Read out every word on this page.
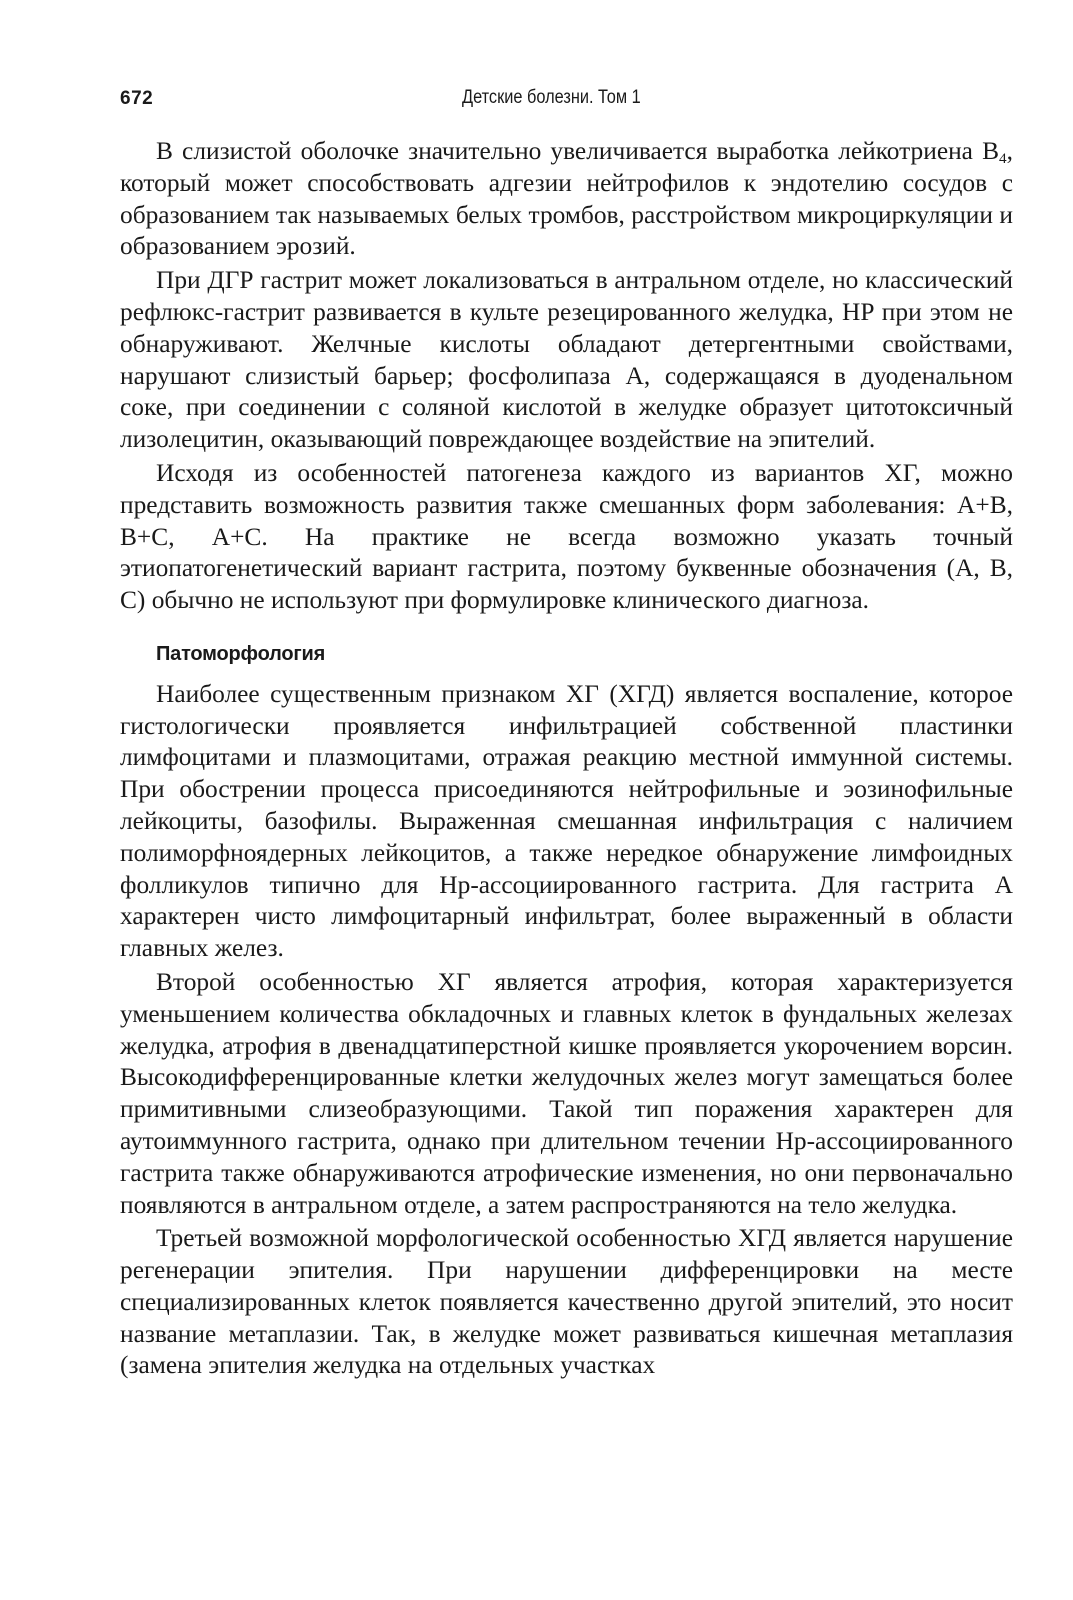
672	Детские болезни. Том 1

В слизистой оболочке значительно увеличивается выработка лейкотриена $B_4$, который может способствовать адгезии нейтрофилов к эндотелию сосудов с образованием так называемых белых тромбов, расстройством микроциркуляции и образованием эрозий.

При ДГР гастрит может локализоваться в антральном отделе, но классический рефлюкс-гастрит развивается в культе резецированного желудка, HP при этом не обнаруживают. Желчные кислоты обладают детергентными свойствами, нарушают слизистый барьер; фосфолипаза А, содержащаяся в дуоденальном соке, при соединении с соляной кислотой в желудке образует цитотоксичный лизолецитин, оказывающий повреждающее воздействие на эпителий.

Исходя из особенностей патогенеза каждого из вариантов ХГ, можно представить возможность развития также смешанных форм заболевания: А+В, В+С, А+С. На практике не всегда возможно указать точный этиопатогенетический вариант гастрита, поэтому буквенные обозначения (А, В, С) обычно не используют при формулировке клинического диагноза.

Патоморфология

Наиболее существенным признаком ХГ (ХГД) является воспаление, которое гистологически проявляется инфильтрацией собственной пластинки лимфоцитами и плазмоцитами, отражая реакцию местной иммунной системы. При обострении процесса присоединяются нейтрофильные и эозинофильные лейкоциты, базофилы. Выраженная смешанная инфильтрация с наличием полиморфноядерных лейкоцитов, а также нередкое обнаружение лимфоидных фолликулов типично для Hp-ассоциированного гастрита. Для гастрита А характерен чисто лимфоцитарный инфильтрат, более выраженный в области главных желез.

Второй особенностью ХГ является атрофия, которая характеризуется уменьшением количества обкладочных и главных клеток в фундальных железах желудка, атрофия в двенадцатиперстной кишке проявляется укорочением ворсин. Высокодифференцированные клетки желудочных желез могут замещаться более примитивными слизеобразующими. Такой тип поражения характерен для аутоиммунного гастрита, однако при длительном течении Hp-ассоциированного гастрита также обнаруживаются атрофические изменения, но они первоначально появляются в антральном отделе, а затем распространяются на тело желудка.

Третьей возможной морфологической особенностью ХГД является нарушение регенерации эпителия. При нарушении дифференцировки на месте специализированных клеток появляется качественно другой эпителий, это носит название метаплазии. Так, в желудке может развиваться кишечная метаплазия (замена эпителия желудка на отдельных участках
